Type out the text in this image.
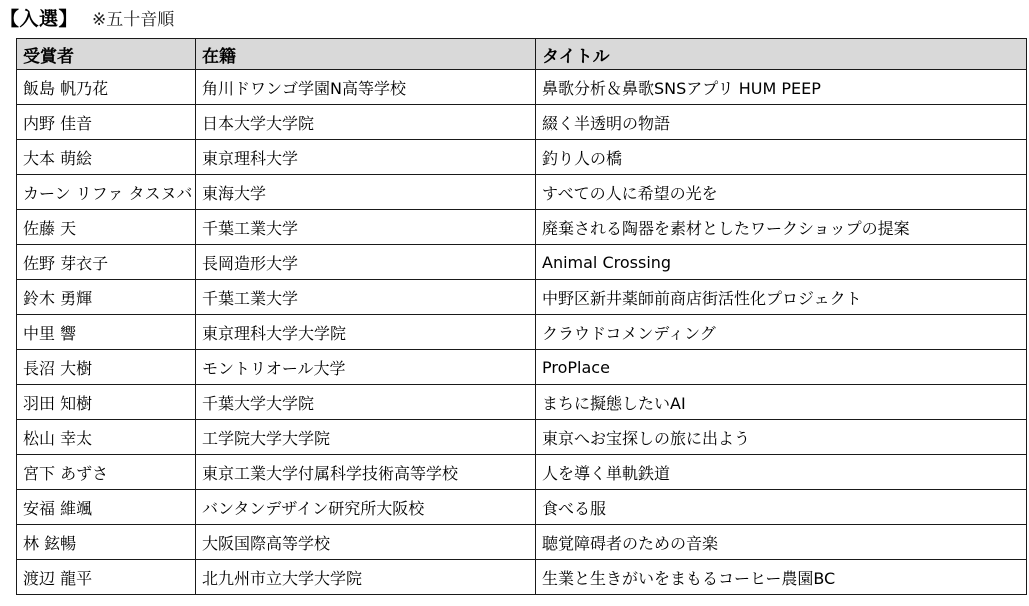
【入選】 ※五十音順
受賞者	在籍	タイトル
飯島 帆乃花	角川ドワンゴ学園N高等学校	鼻歌分析＆鼻歌SNSアプリ HUM PEEP
内野 佳音	日本大学大学院	綴く半透明の物語
大本 萌絵	東京理科大学	釣り人の橋
カーン リファ タスヌバ	東海大学	すべての人に希望の光を
佐藤 天	千葉工業大学	廃棄される陶器を素材としたワークショップの提案
佐野 芽衣子	長岡造形大学	Animal Crossing
鈴木 勇輝	千葉工業大学	中野区新井薬師前商店街活性化プロジェクト
中里 響	東京理科大学大学院	クラウドコメンディング
長沼 大樹	モントリオール大学	ProPlace
羽田 知樹	千葉大学大学院	まちに擬態したいAI
松山 幸太	工学院大学大学院	東京へお宝探しの旅に出よう
宮下 あずさ	東京工業大学付属科学技術高等学校	人を導く単軌鉄道
安福 維颯	バンタンデザイン研究所大阪校	食べる服
林 鉉暢	大阪国際高等学校	聴覚障碍者のための音楽
渡辺 龍平	北九州市立大学大学院	生業と生きがいをまもるコーヒー農園BC
